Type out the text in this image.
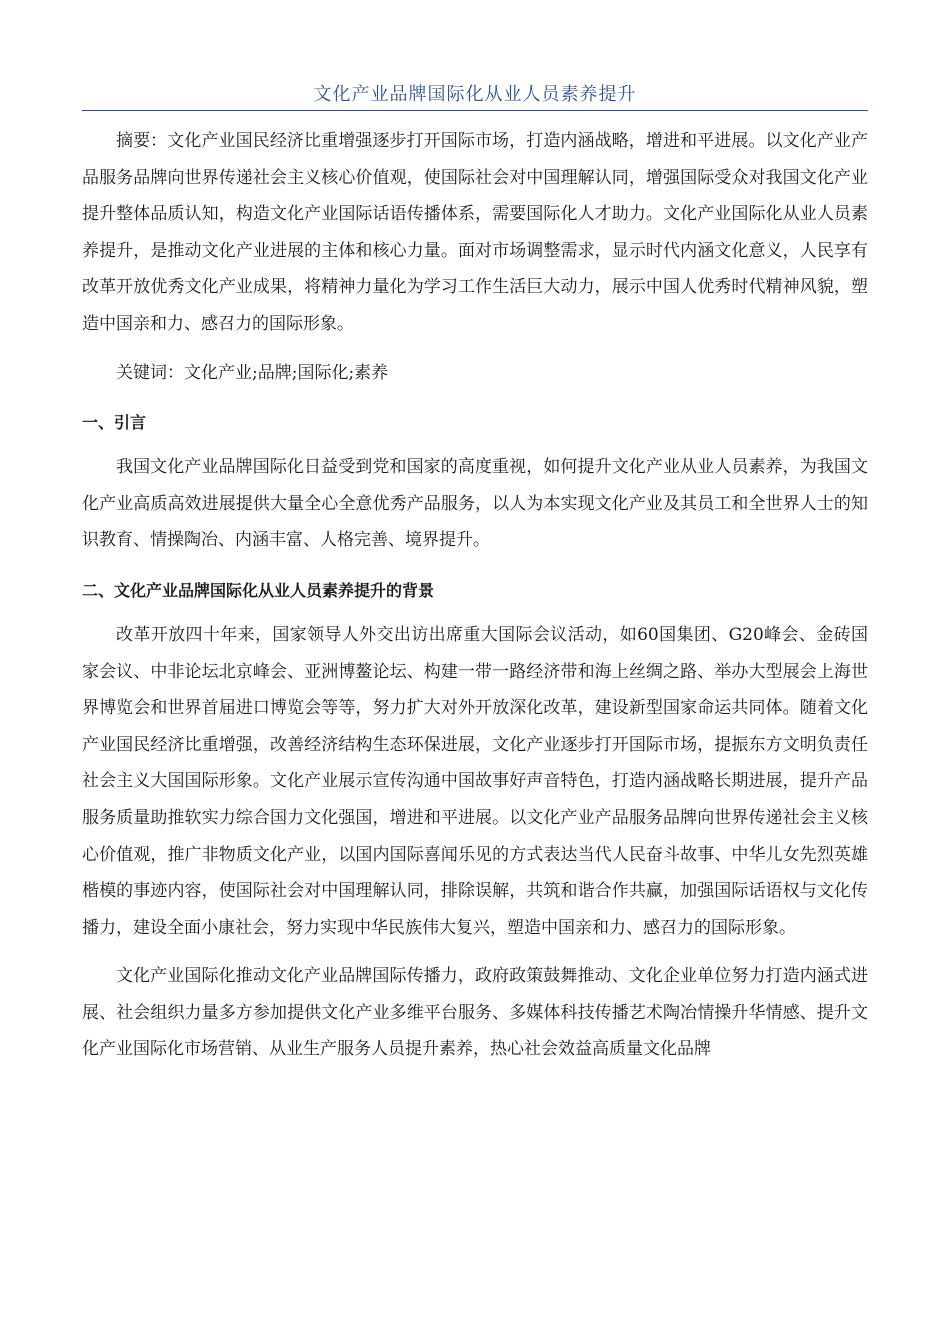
文化产业品牌国际化从业人员素养提升

摘要：文化产业国民经济比重增强逐步打开国际市场，打造内涵战略，增进和平进展。以文化产业产品服务品牌向世界传递社会主义核心价值观，使国际社会对中国理解认同，增强国际受众对我国文化产业提升整体品质认知，构造文化产业国际话语传播体系，需要国际化人才助力。文化产业国际化从业人员素养提升，是推动文化产业进展的主体和核心力量。面对市场调整需求，显示时代内涵文化意义，人民享有改革开放优秀文化产业成果，将精神力量化为学习工作生活巨大动力，展示中国人优秀时代精神风貌，塑造中国亲和力、感召力的国际形象。

关键词：文化产业;品牌;国际化;素养

一、引言

我国文化产业品牌国际化日益受到党和国家的高度重视，如何提升文化产业从业人员素养，为我国文化产业高质高效进展提供大量全心全意优秀产品服务，以人为本实现文化产业及其员工和全世界人士的知识教育、情操陶冶、内涵丰富、人格完善、境界提升。

二、文化产业品牌国际化从业人员素养提升的背景

改革开放四十年来，国家领导人外交出访出席重大国际会议活动，如60国集团、G20峰会、金砖国家会议、中非论坛北京峰会、亚洲博鳌论坛、构建一带一路经济带和海上丝绸之路、举办大型展会上海世界博览会和世界首届进口博览会等等，努力扩大对外开放深化改革，建设新型国家命运共同体。随着文化产业国民经济比重增强，改善经济结构生态环保进展，文化产业逐步打开国际市场，提振东方文明负责任社会主义大国国际形象。文化产业展示宣传沟通中国故事好声音特色，打造内涵战略长期进展，提升产品服务质量助推软实力综合国力文化强国，增进和平进展。以文化产业产品服务品牌向世界传递社会主义核心价值观，推广非物质文化产业，以国内国际喜闻乐见的方式表达当代人民奋斗故事、中华儿女先烈英雄楷模的事迹内容，使国际社会对中国理解认同，排除误解，共筑和谐合作共赢，加强国际话语权与文化传播力，建设全面小康社会，努力实现中华民族伟大复兴，塑造中国亲和力、感召力的国际形象。

文化产业国际化推动文化产业品牌国际传播力，政府政策鼓舞推动、文化企业单位努力打造内涵式进展、社会组织力量多方参加提供文化产业多维平台服务、多媒体科技传播艺术陶冶情操升华情感、提升文化产业国际化市场营销、从业生产服务人员提升素养，热心社会效益高质量文化品牌
